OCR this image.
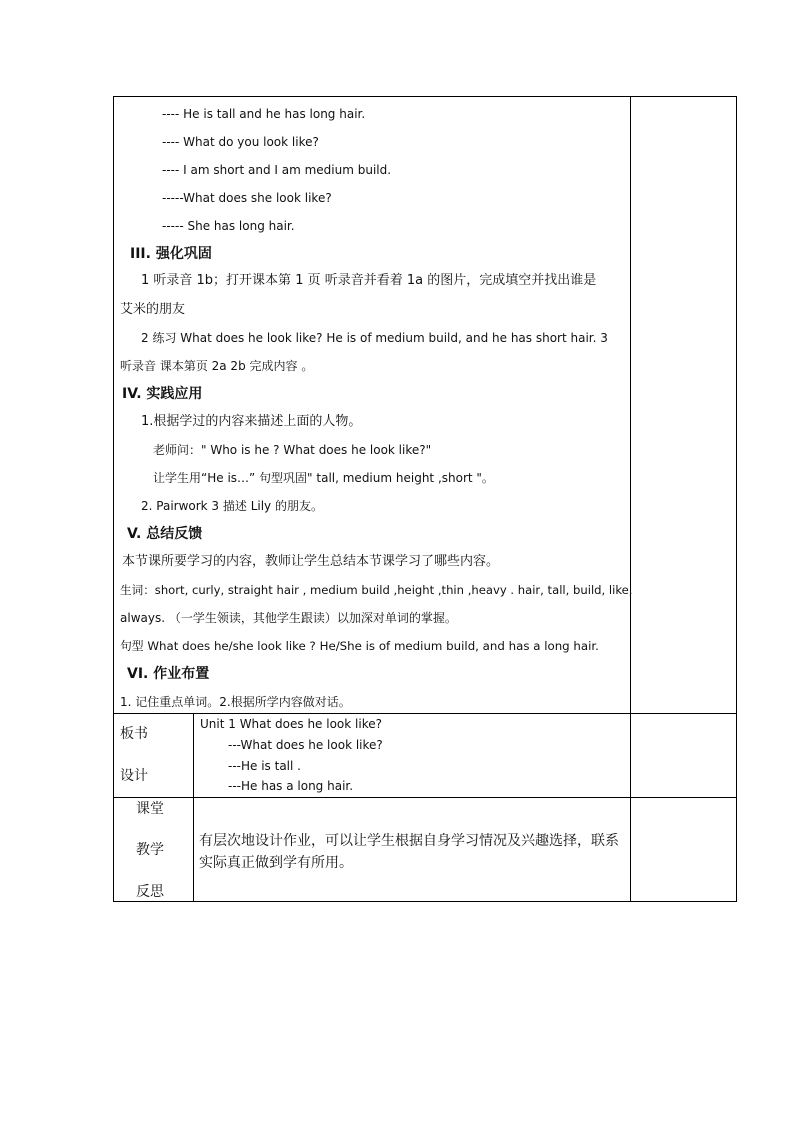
---- He is tall and he has long hair.
---- What do you look like?
---- I am short and I am medium build.
-----What does she look like?
----- She has long hair.
III. 强化巩固
1 听录音 1b；打开课本第 1 页 听录音并看着 1a 的图片，完成填空并找出谁是
艾米的朋友
2 练习 What does he look like? He is of medium build, and he has short hair. 3
听录音 课本第页 2a 2b 完成内容 。
IV. 实践应用
1.根据学过的内容来描述上面的人物。
老师问：" Who is he ? What does he look like?"
让学生用“He is…” 句型巩固" tall, medium height ,short "。
2. Pairwork 3 描述 Lily 的朋友。
V. 总结反馈
本节课所要学习的内容，教师让学生总结本节课学习了哪些内容。
生词：short, curly, straight hair , medium build ,height ,thin ,heavy . hair, tall, build, like,
always. （一学生领读，其他学生跟读）以加深对单词的掌握。
句型 What does he/she look like ? He/She is of medium build, and has a long hair.
VI. 作业布置
1. 记住重点单词。2.根据所学内容做对话。
板书
设计
Unit 1 What does he look like?
---What does he look like?
---He is tall .
---He has a long hair.
课堂
教学
反思
有层次地设计作业，可以让学生根据自身学习情况及兴趣选择，联系实际真正做到学有所用。
